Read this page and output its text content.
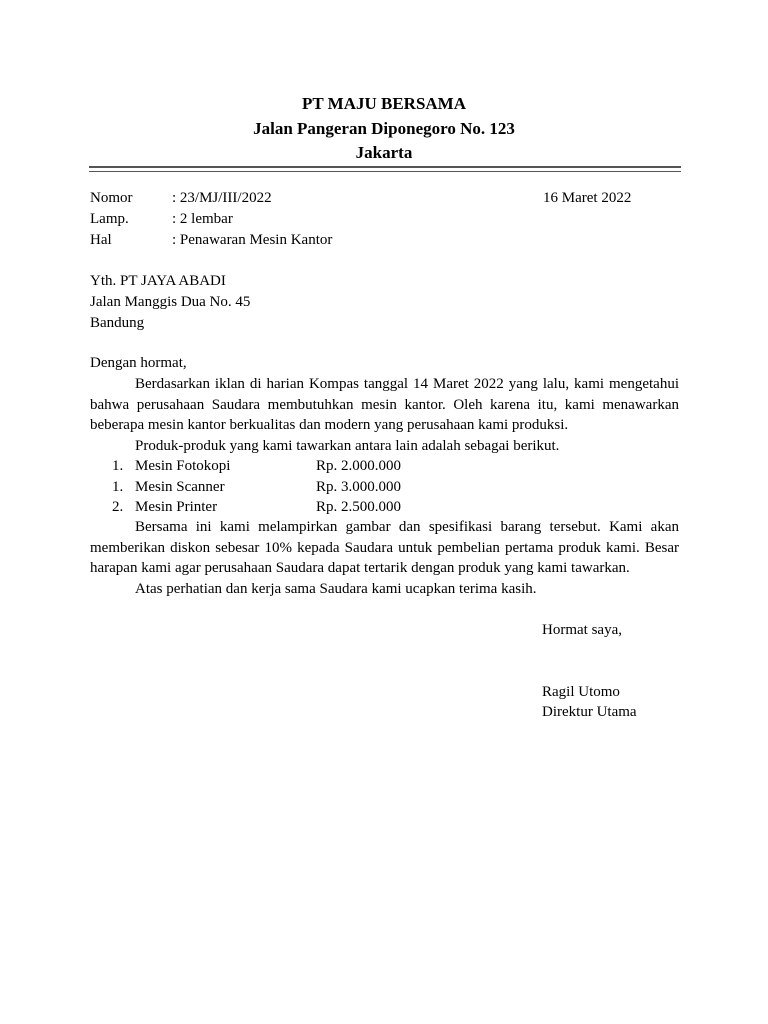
PT MAJU BERSAMA
Jalan Pangeran Diponegoro No. 123
Jakarta
Nomor	: 23/MJ/III/2022	16 Maret 2022
Lamp.	: 2 lembar
Hal	: Penawaran Mesin Kantor
Yth. PT JAYA ABADI
Jalan Manggis Dua No. 45
Bandung
Dengan hormat,
Berdasarkan iklan di harian Kompas tanggal 14 Maret 2022 yang lalu, kami mengetahui bahwa perusahaan Saudara membutuhkan mesin kantor. Oleh karena itu, kami menawarkan beberapa mesin kantor berkualitas dan modern yang perusahaan kami produksi.
Produk-produk yang kami tawarkan antara lain adalah sebagai berikut.
1. Mesin Fotokopi	Rp. 2.000.000
1. Mesin Scanner	Rp. 3.000.000
2. Mesin Printer	Rp. 2.500.000
Bersama ini kami melampirkan gambar dan spesifikasi barang tersebut. Kami akan memberikan diskon sebesar 10% kepada Saudara untuk pembelian pertama produk kami. Besar harapan kami agar perusahaan Saudara dapat tertarik dengan produk yang kami tawarkan.
Atas perhatian dan kerja sama Saudara kami ucapkan terima kasih.
Hormat saya,
Ragil Utomo
Direktur Utama
